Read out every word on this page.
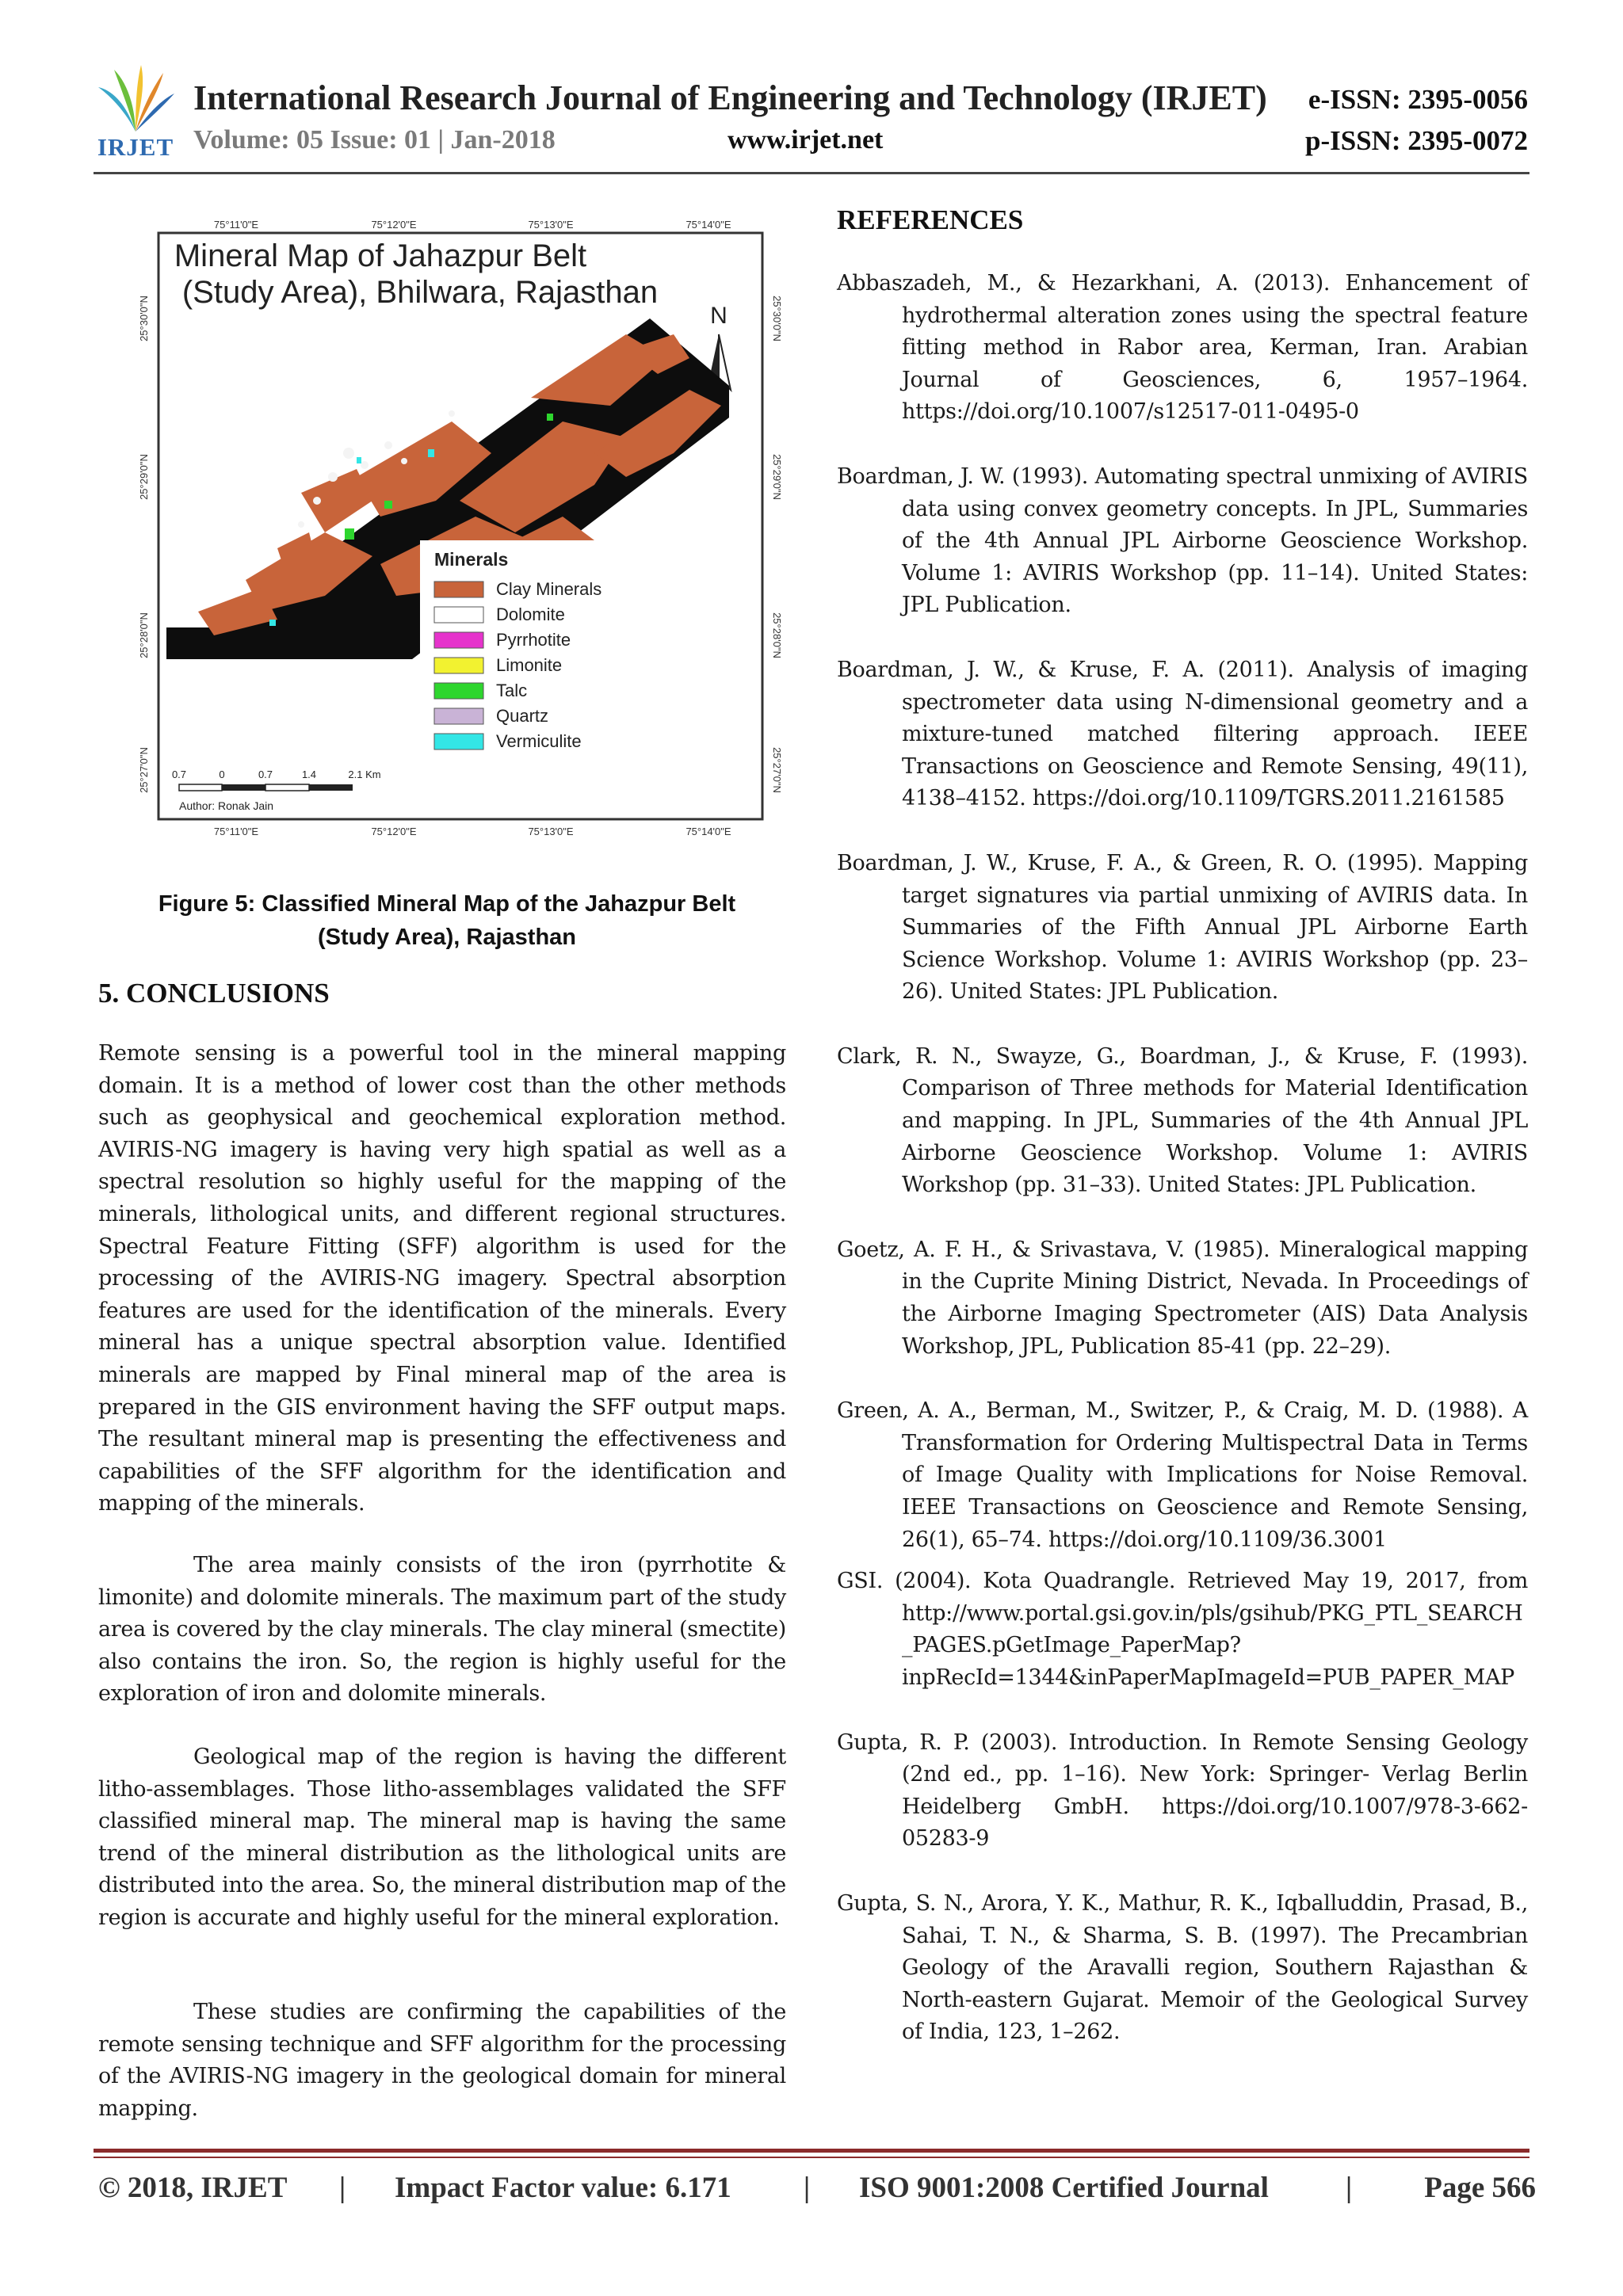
IRJET
International Research Journal of Engineering and Technology (IRJET)
Volume: 05 Issue: 01 | Jan-2018	www.irjet.net
e-ISSN: 2395-0056
p-ISSN: 2395-0072
75°11'0"E	75°12'0"E	75°13'0"E	75°14'0"E
75°11'0"E	75°12'0"E	75°13'0"E	75°14'0"E
25°30'0"N
25°29'0"N
25°28'0"N
25°27'0"N
25°30'0"N
25°29'0"N
25°28'0"N
25°27'0"N
Mineral Map of Jahazpur Belt
(Study Area), Bhilwara, Rajasthan
N
Minerals
Clay Minerals
Dolomite
Pyrrhotite
Limonite
Talc
Quartz
Vermiculite
0.7	0	0.7	1.4	2.1 Km
Author: Ronak Jain
Figure 5: Classified Mineral Map of the Jahazpur Belt
(Study Area), Rajasthan
5. CONCLUSIONS
Remote sensing is a powerful tool in the mineral mapping domain. It is a method of lower cost than the other methods such as geophysical and geochemical exploration method. AVIRIS-NG imagery is having very high spatial as well as a spectral resolution so highly useful for the mapping of the minerals, lithological units, and different regional structures. Spectral Feature Fitting (SFF) algorithm is used for the processing of the AVIRIS-NG imagery. Spectral absorption features are used for the identification of the minerals. Every mineral has a unique spectral absorption value. Identified minerals are mapped by Final mineral map of the area is prepared in the GIS environment having the SFF output maps. The resultant mineral map is presenting the effectiveness and capabilities of the SFF algorithm for the identification and mapping of the minerals.
The area mainly consists of the iron (pyrrhotite & limonite) and dolomite minerals. The maximum part of the study area is covered by the clay minerals. The clay mineral (smectite) also contains the iron. So, the region is highly useful for the exploration of iron and dolomite minerals.
Geological map of the region is having the different litho-assemblages. Those litho-assemblages validated the SFF classified mineral map. The mineral map is having the same trend of the mineral distribution as the lithological units are distributed into the area. So, the mineral distribution map of the region is accurate and highly useful for the mineral exploration.
These studies are confirming the capabilities of the remote sensing technique and SFF algorithm for the processing of the AVIRIS-NG imagery in the geological domain for mineral mapping.
REFERENCES
Abbaszadeh, M., & Hezarkhani, A. (2013). Enhancement of hydrothermal alteration zones using the spectral feature fitting method in Rabor area, Kerman, Iran. Arabian Journal of Geosciences, 6, 1957–1964. https://doi.org/10.1007/s12517-011-0495-0
Boardman, J. W. (1993). Automating spectral unmixing of AVIRIS data using convex geometry concepts. In JPL, Summaries of the 4th Annual JPL Airborne Geoscience Workshop. Volume 1: AVIRIS Workshop (pp. 11–14). United States: JPL Publication.
Boardman, J. W., & Kruse, F. A. (2011). Analysis of imaging spectrometer data using N-dimensional geometry and a mixture-tuned matched filtering approach. IEEE Transactions on Geoscience and Remote Sensing, 49(11), 4138–4152. https://doi.org/10.1109/TGRS.2011.2161585
Boardman, J. W., Kruse, F. A., & Green, R. O. (1995). Mapping target signatures via partial unmixing of AVIRIS data. In Summaries of the Fifth Annual JPL Airborne Earth Science Workshop. Volume 1: AVIRIS Workshop (pp. 23–26). United States: JPL Publication.
Clark, R. N., Swayze, G., Boardman, J., & Kruse, F. (1993). Comparison of Three methods for Material Identification and mapping. In JPL, Summaries of the 4th Annual JPL Airborne Geoscience Workshop. Volume 1: AVIRIS Workshop (pp. 31–33). United States: JPL Publication.
Goetz, A. F. H., & Srivastava, V. (1985). Mineralogical mapping in the Cuprite Mining District, Nevada. In Proceedings of the Airborne Imaging Spectrometer (AIS) Data Analysis Workshop, JPL, Publication 85-41 (pp. 22–29).
Green, A. A., Berman, M., Switzer, P., & Craig, M. D. (1988). A Transformation for Ordering Multispectral Data in Terms of Image Quality with Implications for Noise Removal. IEEE Transactions on Geoscience and Remote Sensing, 26(1), 65–74. https://doi.org/10.1109/36.3001
GSI. (2004). Kota Quadrangle. Retrieved May 19, 2017, from http://www.portal.gsi.gov.in/pls/gsihub/PKG_PTL_SEARCH_PAGES.pGetImage_PaperMap?inpRecId=1344&inPaperMapImageId=PUB_PAPER_MAP
Gupta, R. P. (2003). Introduction. In Remote Sensing Geology (2nd ed., pp. 1–16). New York: Springer- Verlag Berlin Heidelberg GmbH. https://doi.org/10.1007/978-3-662-05283-9
Gupta, S. N., Arora, Y. K., Mathur, R. K., Iqballuddin, Prasad, B., Sahai, T. N., & Sharma, S. B. (1997). The Precambrian Geology of the Aravalli region, Southern Rajasthan & North-eastern Gujarat. Memoir of the Geological Survey of India, 123, 1–262.
© 2018, IRJET | Impact Factor value: 6.171 | ISO 9001:2008 Certified Journal	| Page 566
